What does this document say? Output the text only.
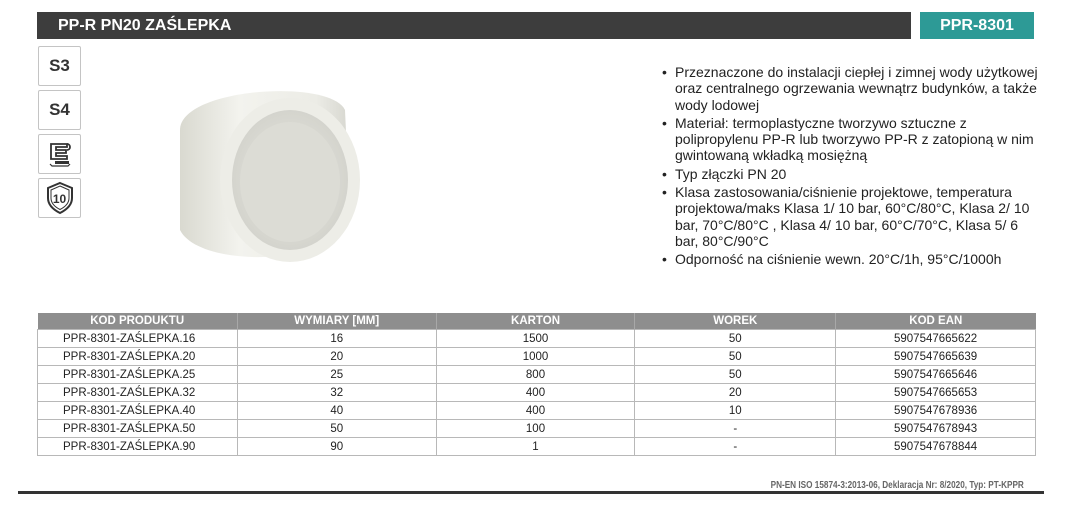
PP-R PN20 ZAŚLEPKA	PPR-8301
S3
S4
10
• Przeznaczone do instalacji ciepłej i zimnej wody użytkowej oraz centralnego ogrzewania wewnątrz budynków, a także wody lodowej
• Materiał: termoplastyczne tworzywo sztuczne z polipropylenu PP-R lub tworzywo PP-R z zatopioną w nim gwintowaną wkładką mosiężną
• Typ złączki PN 20
• Klasa zastosowania/ciśnienie projektowe, temperatura projektowa/maks Klasa 1/ 10 bar, 60°C/80°C, Klasa 2/ 10 bar, 70°C/80°C , Klasa 4/ 10 bar, 60°C/70°C, Klasa 5/ 6 bar, 80°C/90°C
• Odporność na ciśnienie wewn. 20°C/1h, 95°C/1000h
KOD PRODUKTU	WYMIARY [MM]	KARTON	WOREK	KOD EAN
PPR-8301-ZAŚLEPKA.16	16	1500	50	5907547665622
PPR-8301-ZAŚLEPKA.20	20	1000	50	5907547665639
PPR-8301-ZAŚLEPKA.25	25	800	50	5907547665646
PPR-8301-ZAŚLEPKA.32	32	400	20	5907547665653
PPR-8301-ZAŚLEPKA.40	40	400	10	5907547678936
PPR-8301-ZAŚLEPKA.50	50	100	-	5907547678943
PPR-8301-ZAŚLEPKA.90	90	1	-	5907547678844
PN-EN ISO 15874-3:2013-06, Deklaracja Nr: 8/2020, Typ: PT-KPPR
